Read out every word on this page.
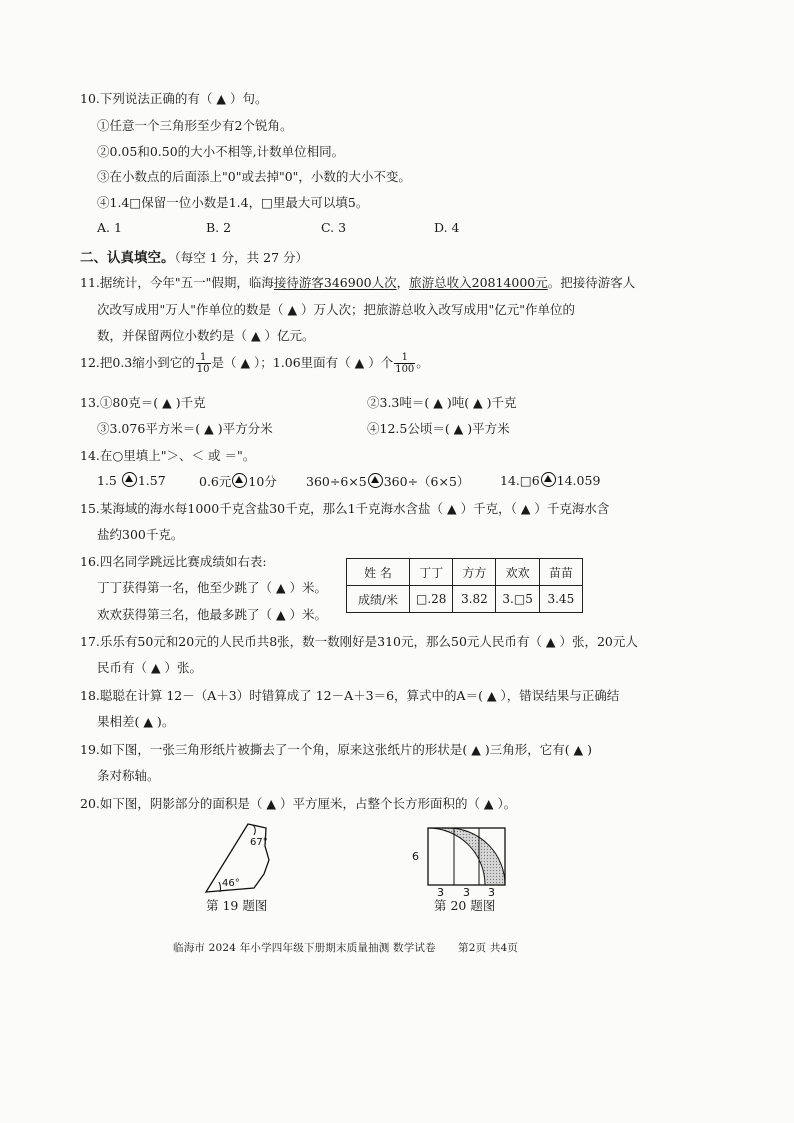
10.下列说法正确的有（ ▲ ）句。
①任意一个三角形至少有2个锐角。
②0.05和0.50的大小不相等,计数单位相同。
③在小数点的后面添上"0"或去掉"0"，小数的大小不变。
④1.4□保留一位小数是1.4，□里最大可以填5。
A. 1	B. 2	C. 3	D. 4
二、认真填空。（每空 1 分，共 27 分）
11.据统计，今年"五一"假期，临海接待游客346900人次，旅游总收入20814000元。把接待游客人
次改写成用"万人"作单位的数是（ ▲ ）万人次；把旅游总收入改写成用"亿元"作单位的
数，并保留两位小数约是（ ▲ ）亿元。
12.把0.3缩小到它的 $\frac{1}{10}$ 是（ ▲ ）；1.06里面有（ ▲ ）个 $\frac{1}{100}$ 。
13.①80克＝( ▲ )千克	②3.3吨＝( ▲ )吨( ▲ )千克
③3.076平方米＝( ▲ )平方分米	④12.5公顷＝( ▲ )平方米
14.在○里填上"＞、＜ 或 ＝"。
1.5 1.57	0.6元 10分 360÷6×5 360÷（6×5） 14.□6 14.059
15.某海域的海水每1000千克含盐30千克，那么1千克海水含盐（ ▲ ）千克，（ ▲ ）千克海水含
盐约300千克。
16.四名同学跳远比赛成绩如右表:
丁丁获得第一名，他至少跳了（ ▲ ）米。
欢欢获得第三名，他最多跳了（ ▲ ）米。
姓 名	丁丁	方方	欢欢	苗苗
成绩/米	□.28	3.82	3.□5	3.45
17.乐乐有50元和20元的人民币共8张，数一数刚好是310元，那么50元人民币有（ ▲ ）张，20元人
民币有（ ▲ ）张。
18.聪聪在计算 12－（A＋3）时错算成了 12－A＋3＝6，算式中的A＝( ▲ ），错误结果与正确结
果相差( ▲ )。
19.如下图，一张三角形纸片被撕去了一个角，原来这张纸片的形状是( ▲ )三角形，它有( ▲ )
条对称轴。
20.如下图，阴影部分的面积是（ ▲ ）平方厘米，占整个长方形面积的（ ▲ ）。
67°
46°
第 19 题图
6
3 3 3
第 20 题图
临海市 2024 年小学四年级下册期末质量抽测 数学试卷 第2页 共4页
